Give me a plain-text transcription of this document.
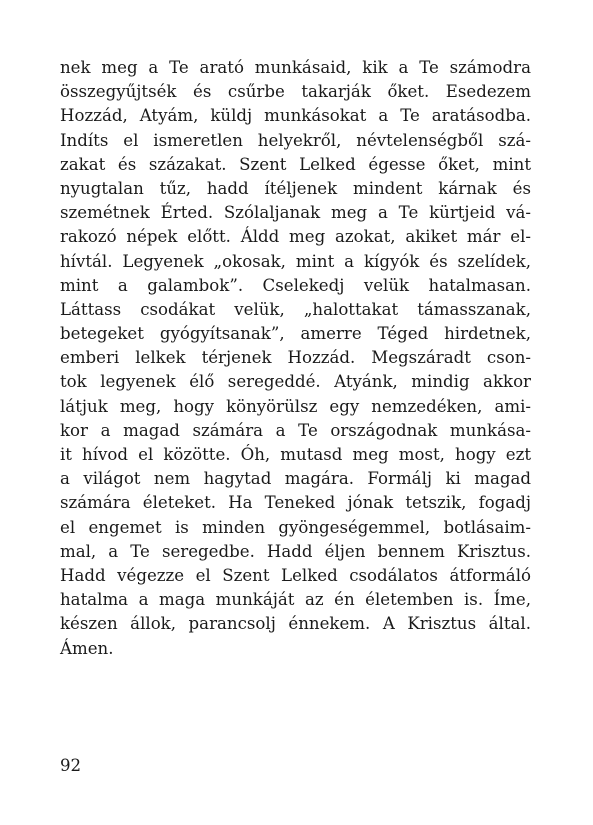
nek meg a Te arató munkásaid, kik a Te számodra
összegyűjtsék és csűrbe takarják őket. Esedezem
Hozzád, Atyám, küldj munkásokat a Te aratásodba.
Indíts el ismeretlen helyekről, névtelenségből szá-
zakat és százakat. Szent Lelked égesse őket, mint
nyugtalan tűz, hadd ítéljenek mindent kárnak és
szemétnek Érted. Szólaljanak meg a Te kürtjeid vá-
rakozó népek előtt. Áldd meg azokat, akiket már el-
hívtál. Legyenek „okosak, mint a kígyók és szelídek,
mint a galambok”. Cselekedj velük hatalmasan.
Láttass csodákat velük, „halottakat támasszanak,
betegeket gyógyítsanak”, amerre Téged hirdetnek,
emberi lelkek térjenek Hozzád. Megszáradt cson-
tok legyenek élő seregeddé. Atyánk, mindig akkor
látjuk meg, hogy könyörülsz egy nemzedéken, ami-
kor a magad számára a Te országodnak munkása-
it hívod el közötte. Óh, mutasd meg most, hogy ezt
a világot nem hagytad magára. Formálj ki magad
számára életeket. Ha Teneked jónak tetszik, fogadj
el engemet is minden gyöngeségemmel, botlásaim-
mal, a Te seregedbe. Hadd éljen bennem Krisztus.
Hadd végezze el Szent Lelked csodálatos átformáló
hatalma a maga munkáját az én életemben is. Íme,
készen állok, parancsolj énnekem. A Krisztus által.
Ámen.
92
